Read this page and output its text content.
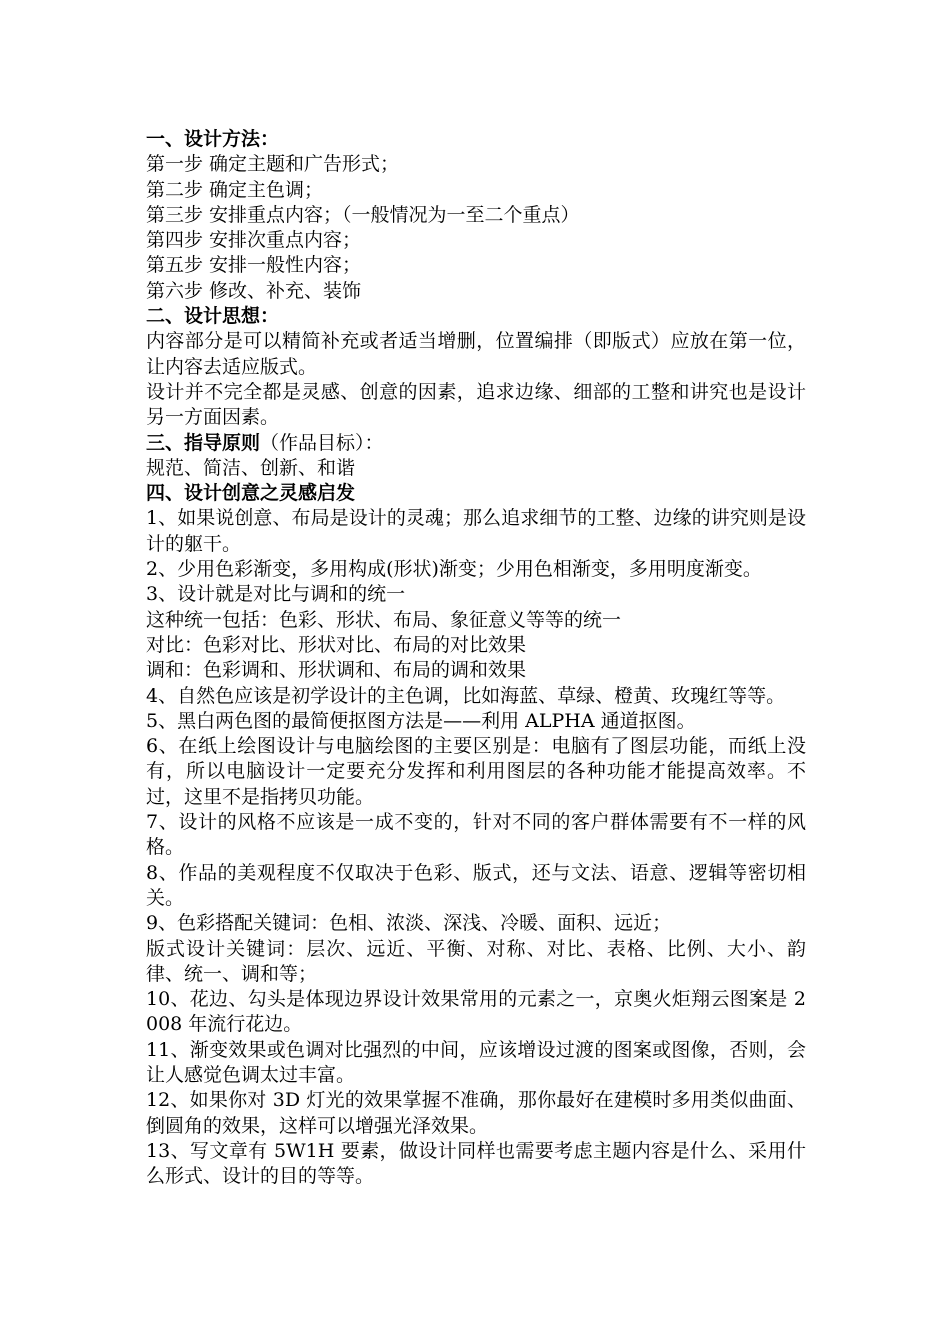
一、设计方法：
第一步 确定主题和广告形式；
第二步 确定主色调；
第三步 安排重点内容；（一般情况为一至二个重点）
第四步 安排次重点内容；
第五步 安排一般性内容；
第六步 修改、补充、装饰
二、设计思想：
内容部分是可以精简补充或者适当增删，位置编排（即版式）应放在第一位，让内容去适应版式。
设计并不完全都是灵感、创意的因素，追求边缘、细部的工整和讲究也是设计另一方面因素。
三、指导原则（作品目标）：
规范、简洁、创新、和谐
四、设计创意之灵感启发
1、如果说创意、布局是设计的灵魂；那么追求细节的工整、边缘的讲究则是设计的躯干。
2、少用色彩渐变，多用构成(形状)渐变；少用色相渐变，多用明度渐变。
3、设计就是对比与调和的统一
这种统一包括：色彩、形状、布局、象征意义等等的统一
对比：色彩对比、形状对比、布局的对比效果
调和：色彩调和、形状调和、布局的调和效果
4、自然色应该是初学设计的主色调，比如海蓝、草绿、橙黄、玫瑰红等等。
5、黑白两色图的最简便抠图方法是——利用 ALPHA 通道抠图。
6、在纸上绘图设计与电脑绘图的主要区别是：电脑有了图层功能，而纸上没有，所以电脑设计一定要充分发挥和利用图层的各种功能才能提高效率。不过，这里不是指拷贝功能。
7、设计的风格不应该是一成不变的，针对不同的客户群体需要有不一样的风格。
8、作品的美观程度不仅取决于色彩、版式，还与文法、语意、逻辑等密切相关。
9、色彩搭配关键词：色相、浓淡、深浅、冷暖、面积、远近；
版式设计关键词：层次、远近、平衡、对称、对比、表格、比例、大小、韵律、统一、调和等；
10、花边、勾头是体现边界设计效果常用的元素之一，京奥火炬翔云图案是 2008 年流行花边。
11、渐变效果或色调对比强烈的中间，应该增设过渡的图案或图像，否则，会让人感觉色调太过丰富。
12、如果你对 3D 灯光的效果掌握不准确，那你最好在建模时多用类似曲面、倒圆角的效果，这样可以增强光泽效果。
13、写文章有 5W1H 要素，做设计同样也需要考虑主题内容是什么、采用什么形式、设计的目的等等。
